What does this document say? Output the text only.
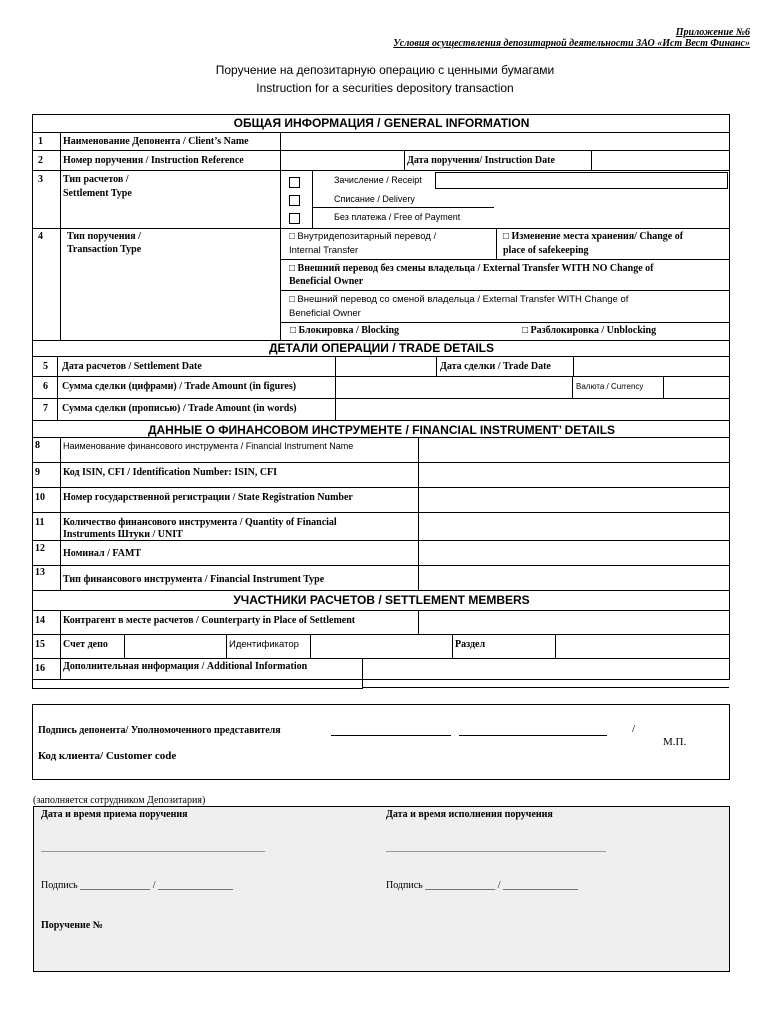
Приложение №6
Условия осуществления депозитарной деятельности ЗАО «Ист Вест Финанс»
Поручение на депозитарную операцию с ценными бумагами
Instruction for a securities depository transaction
ОБЩАЯ ИНФОРМАЦИЯ / GENERAL INFORMATION
1 Наименование Депонента / Client’s Name
2 Номер поручения / Instruction Reference	Дата поручения/ Instruction Date
3 Тип расчетов /
Settlement Type
Зачисление / Receipt
Списание / Delivery
Без платежа / Free of Payment
4 Тип поручения /
Transaction Type
□ Внутридепозитарный перевод /
Internal Transfer
□ Изменение места хранения/ Change of
place of safekeeping
□ Внешний перевод без смены владельца / External Transfer WITH NO Change of
Beneficial Owner
□ Внешний перевод со сменой владельца / External Transfer WITH Change of
Beneficial Owner
□ Блокировка / Blocking	□ Разблокировка / Unblocking
ДЕТАЛИ ОПЕРАЦИИ / TRADE DETAILS
5 Дата расчетов / Settlement Date	Дата сделки / Trade Date
6 Сумма сделки (цифрами) / Trade Amount (in figures)	Валюта / Currency
7 Сумма сделки (прописью) / Trade Amount (in words)
ДАННЫЕ О ФИНАНСОВОМ ИНСТРУМЕНТЕ / FINANCIAL INSTRUMENT’ DETAILS
8	Наименование финансового инструмента / Financial Instrument Name
9 Код ISIN, CFI / Identification Number: ISIN, CFI
10 Номер государственной регистрации / State Registration Number
11 Количество финансового инструмента / Quantity of Financial
Instruments Штуки / UNIT
12 Номинал / FAMT
13
Тип финансового инструмента / Financial Instrument Type
УЧАСТНИКИ РАСЧЕТОВ / SETTLEMENT MEMBERS
14 Контрагент в месте расчетов / Counterparty in Place of Settlement
15 Счет депо	Идентификатор	Раздел
16 Дополнительная информация / Additional Information
Подпись депонента/ Уполномоченного представителя	/
М.П.
Код клиента/ Customer code
(заполняется сотрудником Депозитария)
Дата и время приема поручения	Дата и время исполнения поручения
Подпись ______________ / _______________	Подпись ______________ / _______________
Поручение №
